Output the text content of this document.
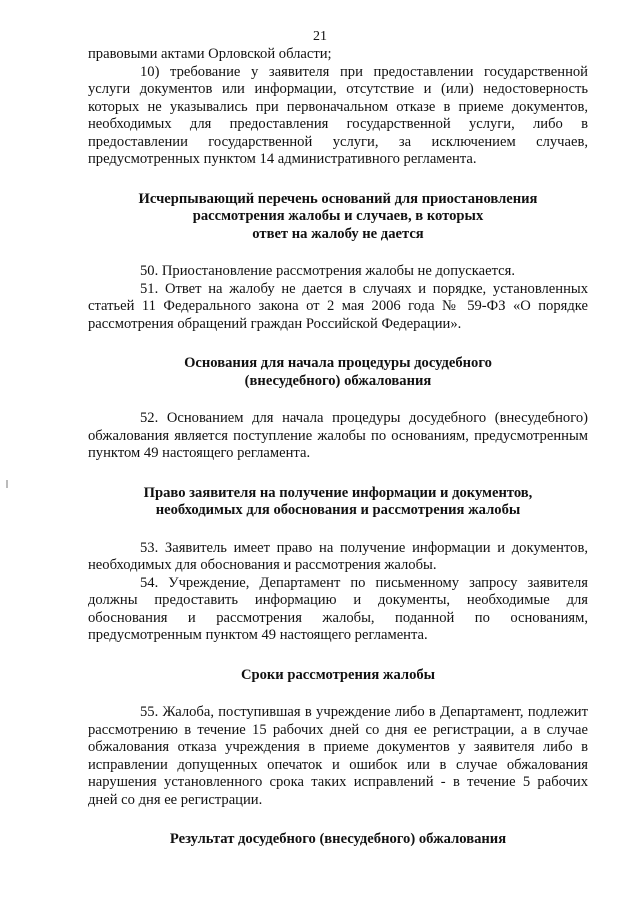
21

правовыми актами Орловской области;

10) требование у заявителя при предоставлении государственной услуги документов или информации, отсутствие и (или) недостоверность которых не указывались при первоначальном отказе в приеме документов, необходимых для предоставления государственной услуги, либо в предоставлении государственной услуги, за исключением случаев, предусмотренных пунктом 14 административного регламента.

Исчерпывающий перечень оснований для приостановления
рассмотрения жалобы и случаев, в которых
ответ на жалобу не дается

50. Приостановление рассмотрения жалобы не допускается.

51. Ответ на жалобу не дается в случаях и порядке, установленных статьей 11 Федерального закона от 2 мая 2006 года № 59-ФЗ «О порядке рассмотрения обращений граждан Российской Федерации».

Основания для начала процедуры досудебного
(внесудебного) обжалования

52. Основанием для начала процедуры досудебного (внесудебного) обжалования является поступление жалобы по основаниям, предусмотренным пунктом 49 настоящего регламента.

Право заявителя на получение информации и документов,
необходимых для обоснования и рассмотрения жалобы

53. Заявитель имеет право на получение информации и документов, необходимых для обоснования и рассмотрения жалобы.

54. Учреждение, Департамент по письменному запросу заявителя должны предоставить информацию и документы, необходимые для обоснования и рассмотрения жалобы, поданной по основаниям, предусмотренным пунктом 49 настоящего регламента.

Сроки рассмотрения жалобы

55. Жалоба, поступившая в учреждение либо в Департамент, подлежит рассмотрению в течение 15 рабочих дней со дня ее регистрации, а в случае обжалования отказа учреждения в приеме документов у заявителя либо в исправлении допущенных опечаток и ошибок или в случае обжалования нарушения установленного срока таких исправлений - в течение 5 рабочих дней со дня ее регистрации.

Результат досудебного (внесудебного) обжалования
